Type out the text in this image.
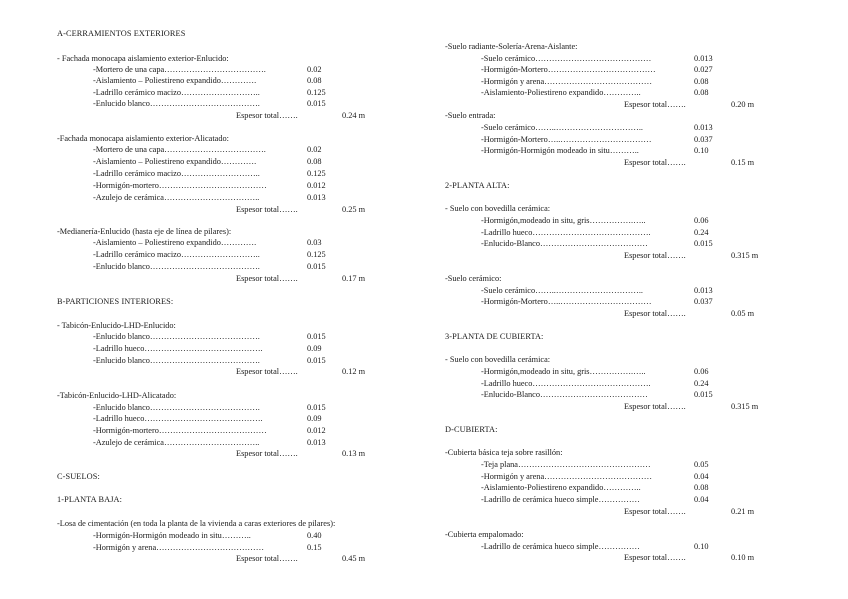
A-CERRAMIENTOS EXTERIORES
- Fachada monocapa aislamiento exterior-Enlucido:
-Mortero de una capa……………………………….	0.02
-Aislamiento – Poliestireno expandido………….	0.08
-Ladrillo cerámico macizo………………………..	0.125
-Enlucido blanco………………………………….	0.015
Espesor total…….	0.24 m
-Fachada monocapa aislamiento exterior-Alicatado:
-Mortero de una capa……………………………….	0.02
-Aislamiento – Poliestireno expandido………….	0.08
-Ladrillo cerámico macizo………………………..	0.125
-Hormigón-mortero…………………………………	0.012
-Azulejo de cerámica……………………………..	0.013
Espesor total…….	0.25 m
-Medianería-Enlucido (hasta eje de línea de pilares):
-Aislamiento – Poliestireno expandido………….	0.03
-Ladrillo cerámico macizo………………………..	0.125
-Enlucido blanco………………………………….	0.015
Espesor total…….	0.17 m
B-PARTICIONES INTERIORES:
- Tabicón-Enlucido-LHD-Enlucido:
-Enlucido blanco………………………………….	0.015
-Ladrillo hueco…………………………………….	0.09
-Enlucido blanco………………………………….	0.015
Espesor total…….	0.12 m
-Tabicón-Enlucido-LHD-Alicatado:
-Enlucido blanco………………………………….	0.015
-Ladrillo hueco…………………………………….	0.09
-Hormigón-mortero…………………………………	0.012
-Azulejo de cerámica……………………………..	0.013
Espesor total…….	0.13 m
C-SUELOS:
1-PLANTA BAJA:
-Losa de cimentación (en toda la planta de la vivienda a caras exteriores de pilares):
-Hormigón-Hormigón modeado in situ………..	0.40
-Hormigón y arena…………………………………	0.15
Espesor total…….	0.45 m
-Suelo radiante-Solería-Arena-Aislante:
-Suelo cerámico……………………………………	0.013
-Hormigón-Mortero…………………………………	0.027
-Hormigón y arena…………………………………	0.08
-Aislamiento-Poliestireno expandido…………..	0.08
Espesor total…….	0.20 m
-Suelo entrada:
-Suelo cerámico……..…………………………..	0.013
-Hormigón-Mortero…..……………………………	0.037
-Hormigón-Hormigón modeado in situ………..	0.10
Espesor total…….	0.15 m
2-PLANTA ALTA:
- Suelo con bovedilla cerámica:
-Hormigón,modeado in situ, gris…………….…..	0.06
-Ladrillo hueco…………………………………….	0.24
-Enlucido-Blanco…………………………………	0.015
Espesor total…….	0.315 m
-Suelo cerámico:
-Suelo cerámico……..…………………………..	0.013
-Hormigón-Mortero…..……………………………	0.037
Espesor total…….	0.05 m
3-PLANTA DE CUBIERTA:
- Suelo con bovedilla cerámica:
-Hormigón,modeado in situ, gris…………….…..	0.06
-Ladrillo hueco…………………………………….	0.24
-Enlucido-Blanco…………………………………	0.015
Espesor total…….	0.315 m
D-CUBIERTA:
-Cubierta básica teja sobre rasillón:
-Teja plana…………………………………………	0.05
-Hormigón y arena…………………………………	0.04
-Aislamiento-Poliestireno expandido…………..	0.08
-Ladrillo de cerámica hueco simple……………	0.04
Espesor total…….	0.21 m
-Cubierta empalomado:
-Ladrillo de cerámica hueco simple……………	0.10
Espesor total…….	0.10 m
